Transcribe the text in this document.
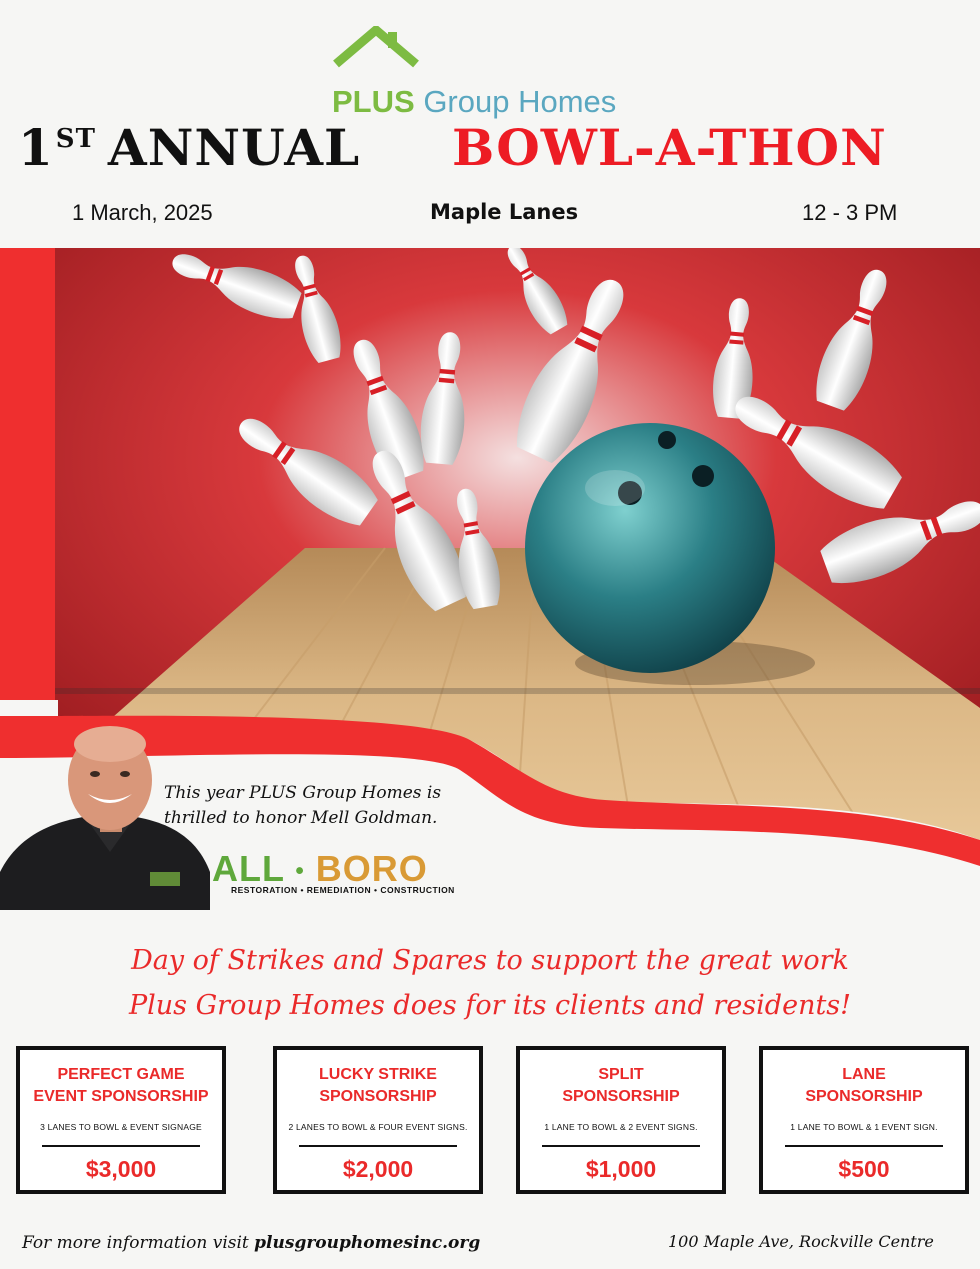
PLUS Group Homes
1ST ANNUAL BOWL-A-THON
1 March, 2025	Maple Lanes	12 - 3 PM
This year PLUS Group Homes is
thrilled to honor Mell Goldman.
ALL • BORO
RESTORATION • REMEDIATION • CONSTRUCTION
Day of Strikes and Spares to support the great work
Plus Group Homes does for its clients and residents!
PERFECT GAME
EVENT SPONSORSHIP
3 LANES TO BOWL & EVENT SIGNAGE
$3,000
LUCKY STRIKE
SPONSORSHIP
2 LANES TO BOWL & FOUR EVENT SIGNS.
$2,000
SPLIT
SPONSORSHIP
1 LANE TO BOWL & 2 EVENT SIGNS.
$1,000
LANE
SPONSORSHIP
1 LANE TO BOWL & 1 EVENT SIGN.
$500
For more information visit plusgrouphomesinc.org	100 Maple Ave, Rockville Centre
